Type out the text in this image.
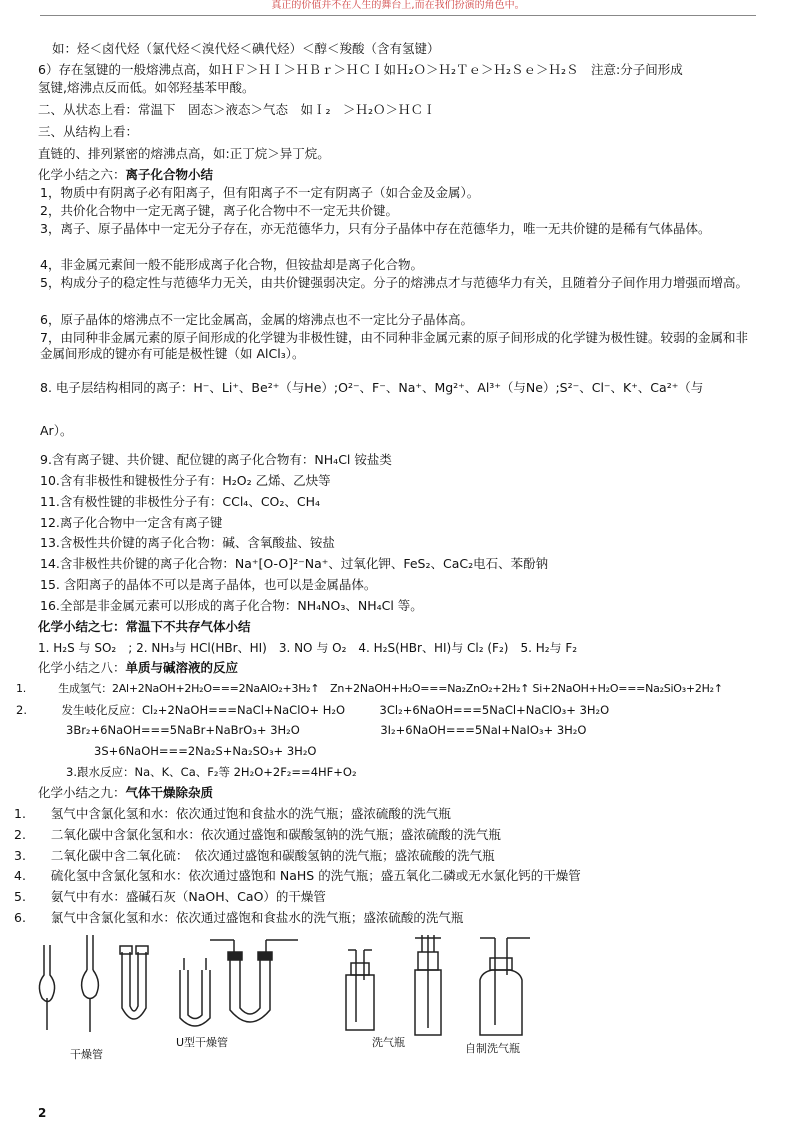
真正的价值并不在人生的舞台上,而在我们扮演的角色中。
如：烃＜卤代烃（氯代烃＜溴代烃＜碘代烃）＜醇＜羧酸（含有氢键）
6）存在氢键的一般熔沸点高，如ＨＦ＞ＨＩ＞ＨＢｒ＞ＨＣＩ如Ｈ₂Ｏ＞Ｈ₂Ｔｅ＞Ｈ₂Ｓｅ＞Ｈ₂Ｓ　注意:分子间形成
氢键,熔沸点反而低。如邻羟基苯甲酸。
二、从状态上看：常温下　固态＞液态＞气态　如Ｉ₂　＞Ｈ₂Ｏ＞ＨＣＩ
三、从结构上看：
直链的、排列紧密的熔沸点高，如:正丁烷＞异丁烷。
化学小结之六：离子化合物小结
1，物质中有阴离子必有阳离子，但有阳离子不一定有阴离子（如合金及金属）。
2，共价化合物中一定无离子键，离子化合物中不一定无共价键。
3，离子、原子晶体中一定无分子存在，亦无范德华力，只有分子晶体中存在范德华力，唯一无共价键的是稀有气体晶体。
4，非金属元素间一般不能形成离子化合物，但铵盐却是离子化合物。
5，构成分子的稳定性与范德华力无关，由共价键强弱决定。分子的熔沸点才与范德华力有关，且随着分子间作用力增强而增高。
6，原子晶体的熔沸点不一定比金属高，金属的熔沸点也不一定比分子晶体高。
7，由同种非金属元素的原子间形成的化学键为非极性键，由不同种非金属元素的原子间形成的化学键为极性键。较弱的金属和非金属间形成的键亦有可能是极性键（如 AlCl₃）。
8. 电子层结构相同的离子：H⁻、Li⁺、Be²⁺（与He）;O²⁻、F⁻、Na⁺、Mg²⁺、Al³⁺（与Ne）;S²⁻、Cl⁻、K⁺、Ca²⁺（与
Ar）。
9.含有离子键、共价键、配位键的离子化合物有：NH₄Cl 铵盐类
10.含有非极性和键极性分子有：H₂O₂ 乙烯、乙炔等
11.含有极性键的非极性分子有：CCl₄、CO₂、CH₄
12.离子化合物中一定含有离子键
13.含极性共价键的离子化合物：碱、含氧酸盐、铵盐
14.含非极性共价键的离子化合物：Na⁺[O-O]²⁻Na⁺、过氧化钾、FeS₂、CaC₂电石、苯酚钠
15. 含阳离子的晶体不可以是离子晶体，也可以是金属晶体。
16.全部是非金属元素可以形成的离子化合物：NH₄NO₃、NH₄Cl 等。
化学小结之七：常温下不共存气体小结
1. H₂S 与 SO₂　; 2. NH₃与 HCl(HBr、HI)　3. NO 与 O₂　4. H₂S(HBr、HI)与 Cl₂ (F₂)　5. H₂与 F₂
化学小结之八：单质与碱溶液的反应
1.　　　生成氢气：2Al+2NaOH+2H₂O===2NaAlO₂+3H₂↑　Zn+2NaOH+H₂O===Na₂ZnO₂+2H₂↑ Si+2NaOH+H₂O===Na₂SiO₃+2H₂↑
2.　　　发生岐化反应：Cl₂+2NaOH===NaCl+NaClO+ H₂O　　　3Cl₂+6NaOH===5NaCl+NaClO₃+ 3H₂O
3Br₂+6NaOH===5NaBr+NaBrO₃+ 3H₂O　　　　　　　3I₂+6NaOH===5NaI+NaIO₃+ 3H₂O
3S+6NaOH===2Na₂S+Na₂SO₃+ 3H₂O
3.跟水反应：Na、K、Ca、F₂等 2H₂O+2F₂==4HF+O₂
化学小结之九：气体干燥除杂质
1.　　氢气中含氯化氢和水：依次通过饱和食盐水的洗气瓶；盛浓硫酸的洗气瓶
2.　　二氧化碳中含氯化氢和水：依次通过盛饱和碳酸氢钠的洗气瓶；盛浓硫酸的洗气瓶
3.　　二氧化碳中含二氧化硫：　依次通过盛饱和碳酸氢钠的洗气瓶；盛浓硫酸的洗气瓶
4.　　硫化氢中含氯化氢和水：依次通过盛饱和 NaHS 的洗气瓶；盛五氧化二磷或无水氯化钙的干燥管
5.　　氨气中有水：盛碱石灰（NaOH、CaO）的干燥管
6.　　氯气中含氯化氢和水：依次通过盛饱和食盐水的洗气瓶；盛浓硫酸的洗气瓶
干燥管
U型干燥管	洗气瓶	自制洗气瓶
2
